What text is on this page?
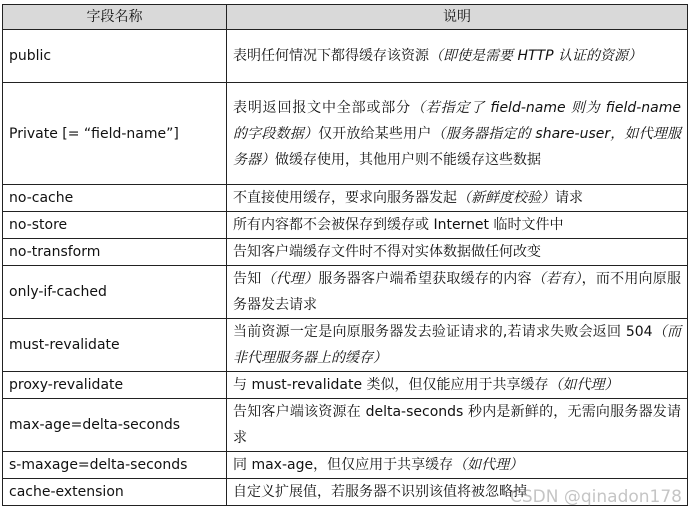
字段名称	说明
public	表明任何情况下都得缓存该资源（即使是需要 HTTP 认证的资源）
Private [= “field-name”]	表明返回报文中全部或部分（若指定了 field-name 则为 field-name 的字段数据）仅开放给某些用户（服务器指定的 share-user，如代理服务器）做缓存使用，其他用户则不能缓存这些数据
no-cache	不直接使用缓存，要求向服务器发起（新鲜度校验）请求
no-store	所有内容都不会被保存到缓存或 Internet 临时文件中
no-transform	告知客户端缓存文件时不得对实体数据做任何改变
only-if-cached	告知（代理）服务器客户端希望获取缓存的内容（若有），而不用向原服务器发去请求
must-revalidate	当前资源一定是向原服务器发去验证请求的,若请求失败会返回 504（而非代理服务器上的缓存）
proxy-revalidate	与 must-revalidate 类似，但仅能应用于共享缓存（如代理）
max-age=delta-seconds	告知客户端该资源在 delta-seconds 秒内是新鲜的，无需向服务器发请求
s-maxage=delta-seconds	同 max-age，但仅应用于共享缓存（如代理）
cache-extension	自定义扩展值，若服务器不识别该值将被忽略掉
CSDN @qinadon178
